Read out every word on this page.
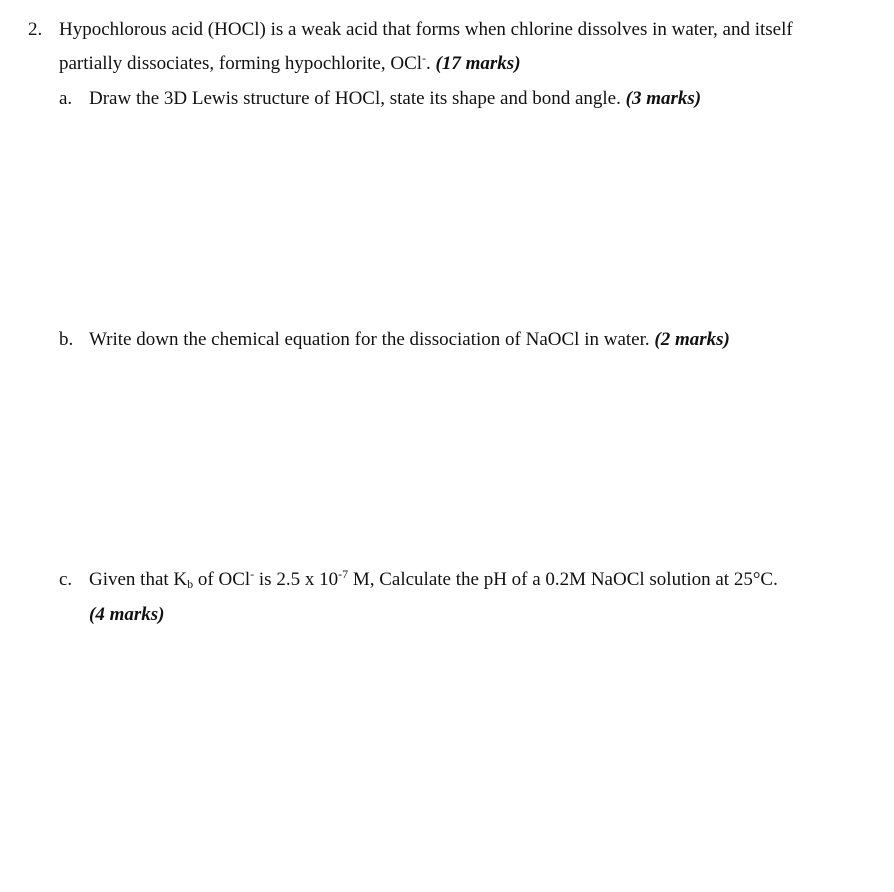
2. Hypochlorous acid (HOCl) is a weak acid that forms when chlorine dissolves in water, and itself
partially dissociates, forming hypochlorite, OCl-. (17 marks)
a. Draw the 3D Lewis structure of HOCl, state its shape and bond angle. (3 marks)
b. Write down the chemical equation for the dissociation of NaOCl in water. (2 marks)
c. Given that $K_b$ of OCl- is 2.5 x $10^{-7}$ M, Calculate the pH of a 0.2M NaOCl solution at 25°C.
(4 marks)
